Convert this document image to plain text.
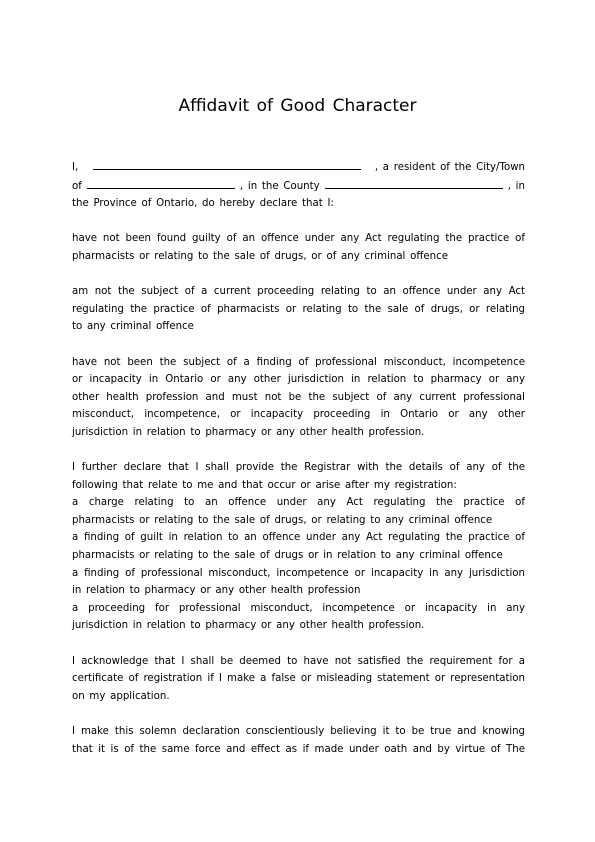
Affidavit of Good Character
I,	, a resident of the City/Town
of	, in the County	, in
the Province of Ontario, do hereby declare that I:
have not been found guilty of an offence under any Act regulating the practice of
pharmacists or relating to the sale of drugs, or of any criminal offence
am not the subject of a current proceeding relating to an offence under any Act
regulating the practice of pharmacists or relating to the sale of drugs, or relating
to any criminal offence
have not been the subject of a finding of professional misconduct, incompetence
or incapacity in Ontario or any other jurisdiction in relation to pharmacy or any
other health profession and must not be the subject of any current professional
misconduct, incompetence, or incapacity proceeding in Ontario or any other
jurisdiction in relation to pharmacy or any other health profession.
I further declare that I shall provide the Registrar with the details of any of the
following that relate to me and that occur or arise after my registration:
a charge relating to an offence under any Act regulating the practice of
pharmacists or relating to the sale of drugs, or relating to any criminal offence
a finding of guilt in relation to an offence under any Act regulating the practice of
pharmacists or relating to the sale of drugs or in relation to any criminal offence
a finding of professional misconduct, incompetence or incapacity in any jurisdiction
in relation to pharmacy or any other health profession
a proceeding for professional misconduct, incompetence or incapacity in any
jurisdiction in relation to pharmacy or any other health profession.
I acknowledge that I shall be deemed to have not satisfied the requirement for a
certificate of registration if I make a false or misleading statement or representation
on my application.
I make this solemn declaration conscientiously believing it to be true and knowing
that it is of the same force and effect as if made under oath and by virtue of The
